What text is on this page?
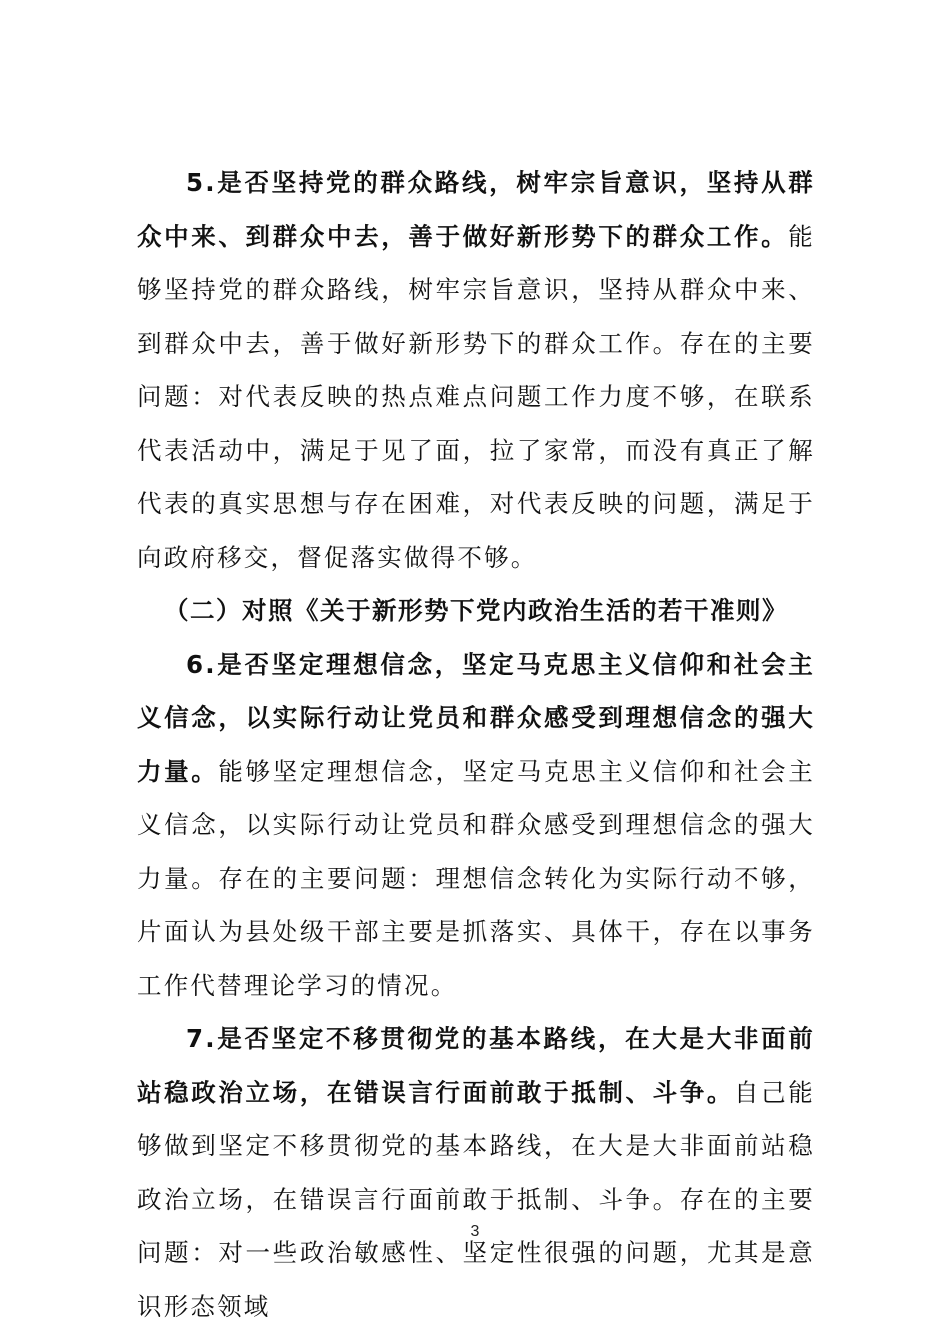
5.是否坚持党的群众路线，树牢宗旨意识，坚持从群众中来、到群众中去，善于做好新形势下的群众工作。能够坚持党的群众路线，树牢宗旨意识，坚持从群众中来、到群众中去，善于做好新形势下的群众工作。存在的主要问题：对代表反映的热点难点问题工作力度不够，在联系代表活动中，满足于见了面，拉了家常，而没有真正了解代表的真实思想与存在困难，对代表反映的问题，满足于向政府移交，督促落实做得不够。

（二）对照《关于新形势下党内政治生活的若干准则》

6.是否坚定理想信念，坚定马克思主义信仰和社会主义信念，以实际行动让党员和群众感受到理想信念的强大力量。能够坚定理想信念，坚定马克思主义信仰和社会主义信念，以实际行动让党员和群众感受到理想信念的强大力量。存在的主要问题：理想信念转化为实际行动不够，片面认为县处级干部主要是抓落实、具体干，存在以事务工作代替理论学习的情况。

7.是否坚定不移贯彻党的基本路线，在大是大非面前站稳政治立场，在错误言行面前敢于抵制、斗争。自己能够做到坚定不移贯彻党的基本路线，在大是大非面前站稳政治立场，在错误言行面前敢于抵制、斗争。存在的主要问题：对一些政治敏感性、坚定性很强的问题，尤其是意识形态领域

3
